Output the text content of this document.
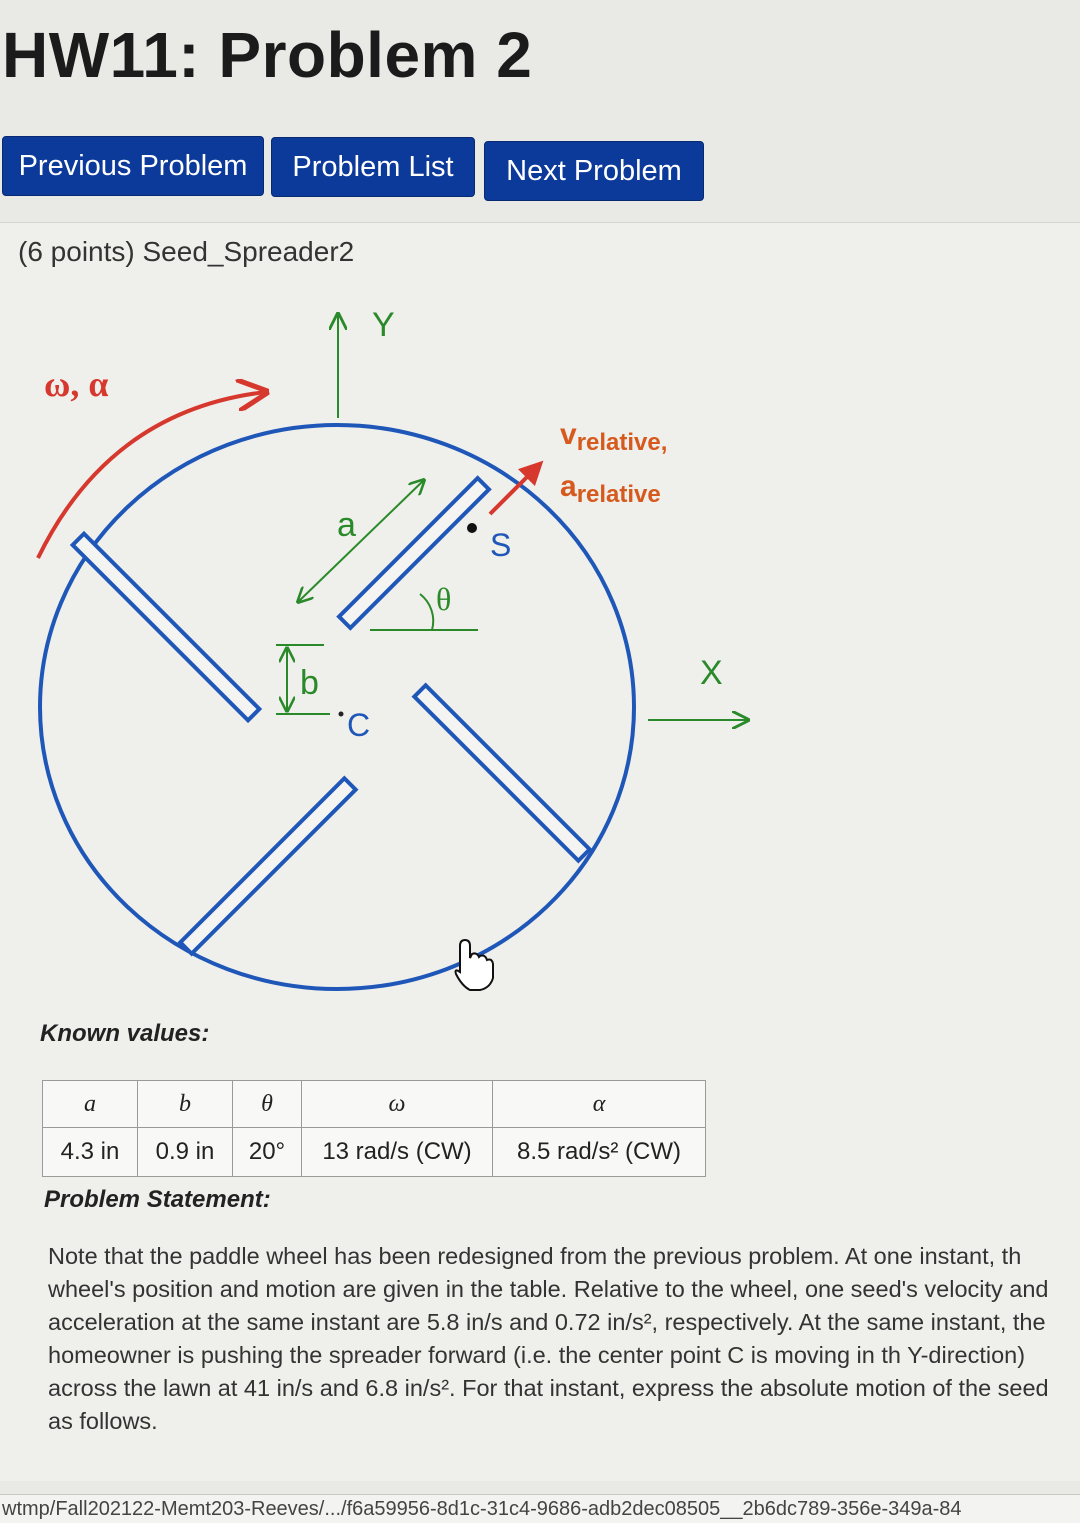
HW11: Problem 2
Previous Problem	Problem List	Next Problem
(6 points) Seed_Spreader2
Y
X
ω, α
vrelative,
arelative
a
S
θ
b
C
Known values:
a	b	θ	ω	α
4.3 in	0.9 in	20°	13 rad/s (CW)	8.5 rad/s² (CW)
Problem Statement:

Note that the paddle wheel has been redesigned from the previous problem. At one instant, th wheel's position and motion are given in the table. Relative to the wheel, one seed's velocity and acceleration at the same instant are 5.8 in/s and 0.72 in/s², respectively. At the same instant, the homeowner is pushing the spreader forward (i.e. the center point C is moving in th Y-direction) across the lawn at 41 in/s and 6.8 in/s². For that instant, express the absolute motion of the seed as follows.

wtmp/Fall202122-Memt203-Reeves/.../f6a59956-8d1c-31c4-9686-adb2dec08505__2b6dc789-356e-349a-84
